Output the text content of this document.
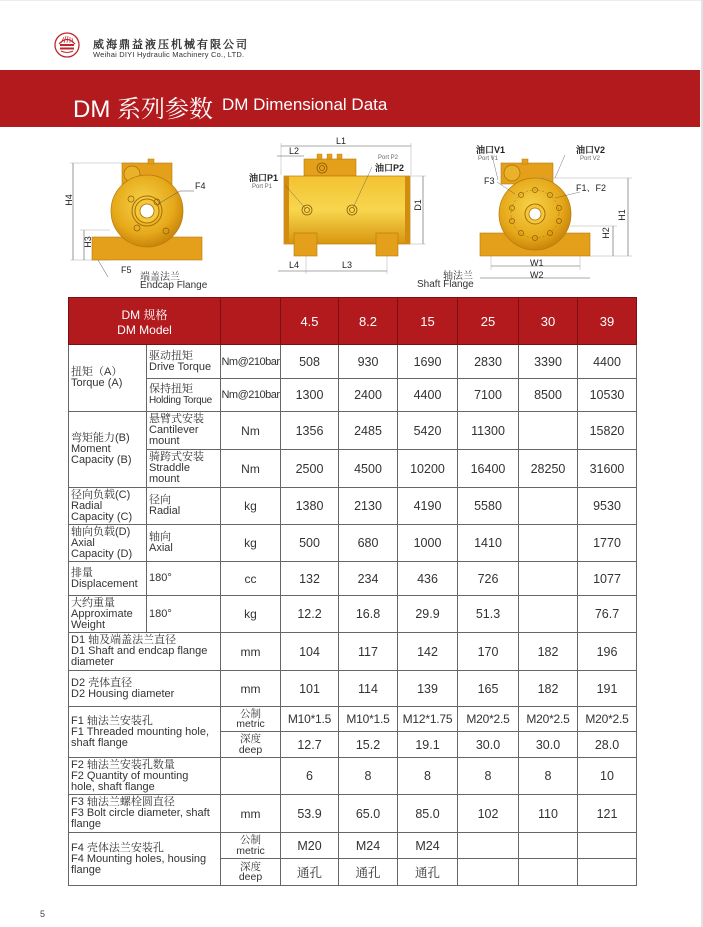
威海鼎益液压机械有限公司
Weihai DIYI Hydraulic Machinery Co., LTD.
DM 系列参数 DM Dimensional Data
H4
H3
F4
F5
端盖法兰
Endcap Flange
L1
L2
D1
L4	L3
油口P1
Port P1
Port P2
油口P2
油口V1
Port V1
油口V2
Port V2
F3
F1、F2
H1
H2
W1
W2
轴法兰
Shaft Flange
DM 规格
DM Model			4.5	8.2	15	25	30	39

扭矩（A）
Torque (A)	驱动扭矩
Drive Torque	Nm@210bar	508	930	1690	2830	3390	4400

	保持扭矩
Holding Torque	Nm@210bar	1300	2400	4400	7100	8500	10530

弯矩能力(B)
Moment
Capacity (B)	悬臂式安装
Cantilever
mount	Nm	1356	2485	5420	11300		15820

	骑跨式安装
Straddle
mount	Nm	2500	4500	10200	16400	28250	31600

径向负载(C)
Radial
Capacity (C)	径向
Radial	kg	1380	2130	4190	5580		9530

轴向负载(D)
Axial
Capacity (D)	轴向
Axial	kg	500	680	1000	1410		1770

排量
Displacement	180°	cc	132	234	436	726		1077

大约重量
Approximate
Weight	180°	kg	12.2	16.8	29.9	51.3		76.7

D1 轴及端盖法兰直径
D1 Shaft and endcap flange
diameter		mm	104	117	142	170	182	196

D2 壳体直径
D2 Housing diameter		mm	101	114	139	165	182	191

F1 轴法兰安装孔
F1 Threaded mounting hole,
shaft flange		公制
metric	M10*1.5	M10*1.5	M12*1.75	M20*2.5	M20*2.5	M20*2.5

		深度
deep	12.7	15.2	19.1	30.0	30.0	28.0

F2 轴法兰安装孔数量
F2 Quantity of mounting
hole, shaft flange			6	8	8	8	8	10

F3 轴法兰螺栓圆直径
F3 Bolt circle diameter, shaft
flange		mm	53.9	65.0	85.0	102	110	121

F4 壳体法兰安装孔
F4 Mounting holes, housing
flange		公制
metric	M20	M24	M24			

		深度
deep	通孔	通孔	通孔			
5
